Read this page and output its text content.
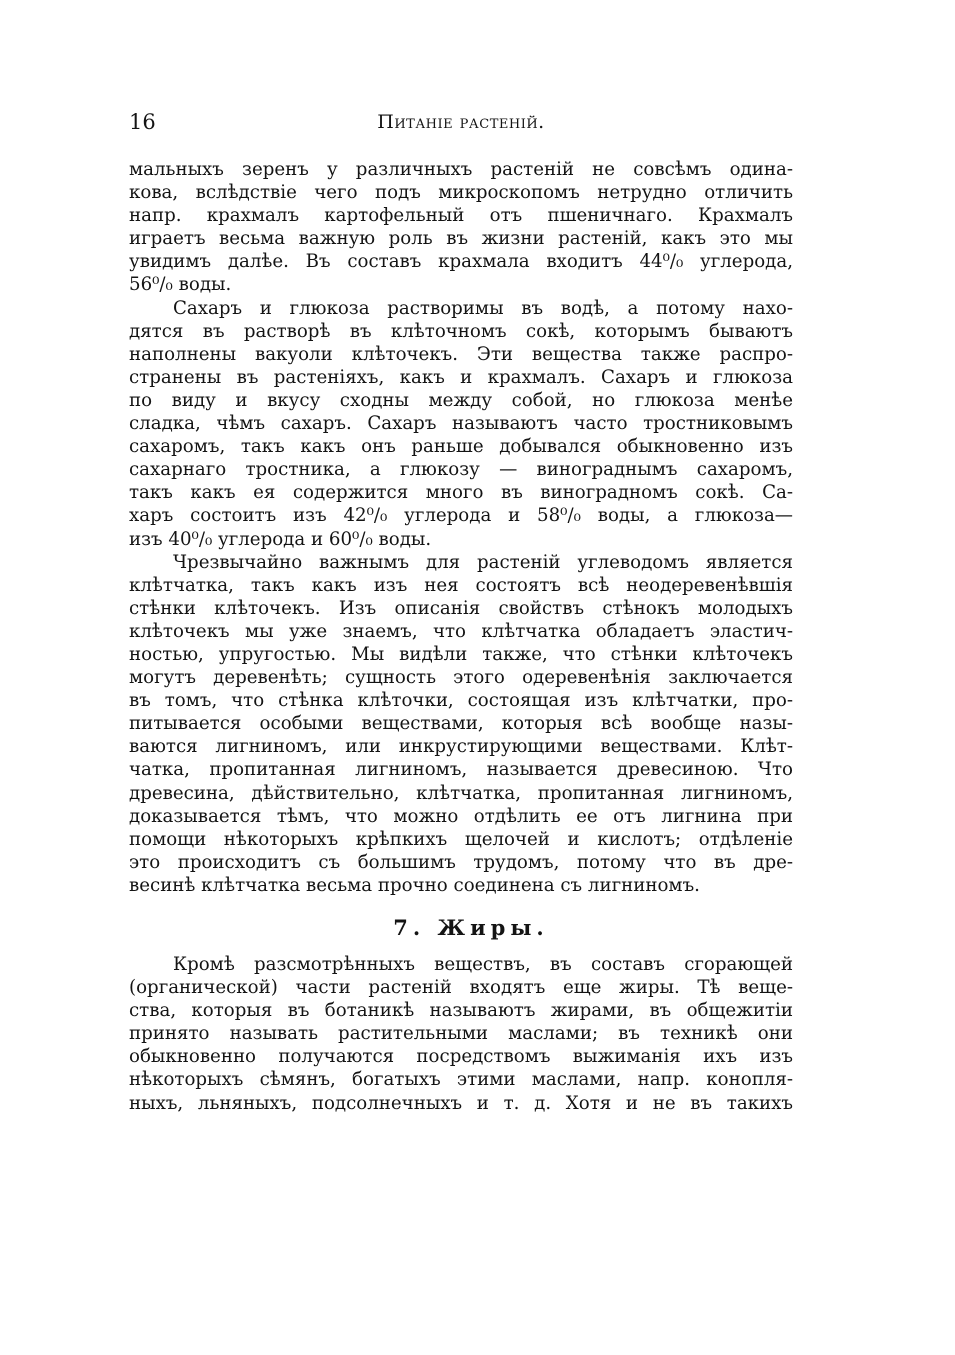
16	Питаніе растеній.
мальныхъ зеренъ у различныхъ растеній не совсѣмъ одина-
кова, вслѣдствіе чего подъ микроскопомъ нетрудно отличить
напр. крахмалъ картофельный отъ пшеничнаго. Крахмалъ
играетъ весьма важную роль въ жизни растеній, какъ это мы
увидимъ далѣе. Въ составъ крахмала входитъ 44⁰/₀ углерода,
56⁰/₀ воды.
Сахаръ и глюкоза растворимы въ водѣ, а потому нахо-
дятся въ растворѣ въ клѣточномъ сокѣ, которымъ бываютъ
наполнены вакуоли клѣточекъ. Эти вещества также распро-
странены въ растеніяхъ, какъ и крахмалъ. Сахаръ и глюкоза
по виду и вкусу сходны между собой, но глюкоза менѣе
сладка, чѣмъ сахаръ. Сахаръ называютъ часто тростниковымъ
сахаромъ, такъ какъ онъ раньше добывался обыкновенно изъ
сахарнаго тростника, а глюкозу — винограднымъ сахаромъ,
такъ какъ ея содержится много въ виноградномъ сокѣ. Са-
харъ состоитъ изъ 42⁰/₀ углерода и 58⁰/₀ воды, а глюкоза—
изъ 40⁰/₀ углерода и 60⁰/₀ воды.
Чрезвычайно важнымъ для растеній углеводомъ является
клѣтчатка, такъ какъ изъ нея состоятъ всѣ неодеревенѣвшія
стѣнки клѣточекъ. Изъ описанія свойствъ стѣнокъ молодыхъ
клѣточекъ мы уже знаемъ, что клѣтчатка обладаетъ эластич-
ностью, упругостью. Мы видѣли также, что стѣнки клѣточекъ
могутъ деревенѣть; сущность этого одеревенѣнія заключается
въ томъ, что стѣнка клѣточки, состоящая изъ клѣтчатки, про-
питывается особыми веществами, которыя всѣ вообще назы-
ваются лигниномъ, или инкрустирующими веществами. Клѣт-
чатка, пропитанная лигниномъ, называется древесиною. Что
древесина, дѣйствительно, клѣтчатка, пропитанная лигниномъ,
доказывается тѣмъ, что можно отдѣлить ее отъ лигнина при
помощи нѣкоторыхъ крѣпкихъ щелочей и кислотъ; отдѣленіе
это происходитъ съ большимъ трудомъ, потому что въ дре-
весинѣ клѣтчатка весьма прочно соединена съ лигниномъ.
7. Жиры.
Кромѣ разсмотрѣнныхъ веществъ, въ составъ сгорающей
(органической) части растеній входятъ еще жиры. Тѣ веще-
ства, которыя въ ботаникѣ называютъ жирами, въ общежитіи
принято называть растительными маслами; въ техникѣ они
обыкновенно получаются посредствомъ выжиманія ихъ изъ
нѣкоторыхъ сѣмянъ, богатыхъ этими маслами, напр. конопля-
ныхъ, льняныхъ, подсолнечныхъ и т. д. Хотя и не въ такихъ
